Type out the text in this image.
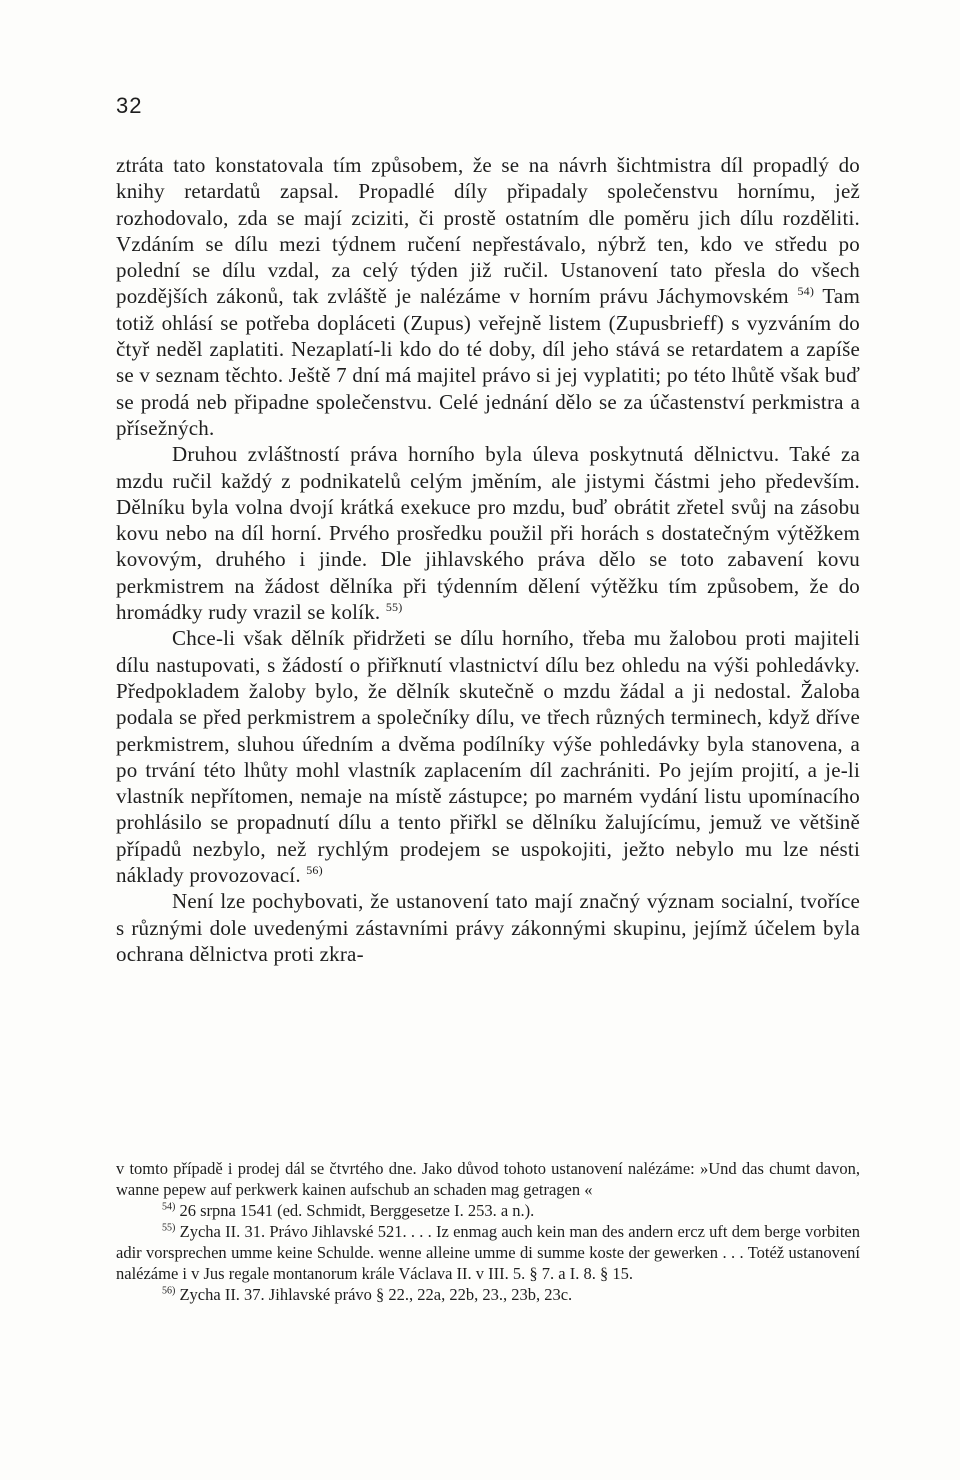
32

ztráta tato konstatovala tím způsobem, že se na návrh šichtmistra díl propadlý do knihy retardatů zapsal. Propadlé díly připadaly společenstvu hornímu, jež rozhodovalo, zda se mají zciziti, či prostě ostatním dle poměru jich dílu rozděliti. Vzdáním se dílu mezi týdnem ručení nepřestávalo, nýbrž ten, kdo ve středu po polední se dílu vzdal, za celý týden již ručil. Ustanovení tato přesla do všech pozdějších zákonů, tak zvláště je nalézáme v horním právu Jáchymovském $^{54)}$ Tam totiž ohlásí se potřeba dopláceti (Zupus) veřejně listem (Zupusbrieff) s vyzváním do čtyř neděl zaplatiti. Nezaplatí-li kdo do té doby, díl jeho stává se retardatem a zapíše se v seznam těchto. Ještě 7 dní má majitel právo si jej vyplatiti; po této lhůtě však buď se prodá neb připadne společenstvu. Celé jednání dělo se za účastenství perkmistra a přísežných.

Druhou zvláštností práva horního byla úleva poskytnutá dělnictvu. Také za mzdu ručil každý z podnikatelů celým jměním, ale jistymi částmi jeho především. Dělníku byla volna dvojí krátká exekuce pro mzdu, buď obrátit zřetel svůj na zásobu kovu nebo na díl horní. Prvého prosředku použil při horách s dostatečným výtěžkem kovovým, druhého i jinde. Dle jihlavského práva dělo se toto zabavení kovu perkmistrem na žádost dělníka při týdenním dělení výtěžku tím způsobem, že do hromádky rudy vrazil se kolík. $^{55)}$

Chce-li však dělník přidržeti se dílu horního, třeba mu žalobou proti majiteli dílu nastupovati, s žádostí o přiřknutí vlastnictví dílu bez ohledu na výši pohledávky. Předpokladem žaloby bylo, že dělník skutečně o mzdu žádal a ji nedostal. Žaloba podala se před perkmistrem a společníky dílu, ve třech různých terminech, když dříve perkmistrem, sluhou úředním a dvěma podílníky výše pohledávky byla stanovena, a po trvání této lhůty mohl vlastník zaplacením díl zachrániti. Po jejím projití, a je-li vlastník nepřítomen, nemaje na místě zástupce; po marném vydání listu upomínacího prohlásilo se propadnutí dílu a tento přiřkl se dělníku žalujícímu, jemuž ve většině případů nezbylo, než rychlým prodejem se uspokojiti, ježto nebylo mu lze nésti náklady provozovací. $^{56)}$

Není lze pochybovati, že ustanovení tato mají značný význam socialní, tvoříce s různými dole uvedenými zástavními právy zákonnými skupinu, jejímž účelem byla ochrana dělnictva proti zkra-

v tomto případě i prodej dál se čtvrtého dne. Jako důvod tohoto ustanovení nalézáme: »Und das chumt davon, wanne pepew auf perkwerk kainen aufschub an schaden mag getragen «

$^{54)}$ 26 srpna 1541 (ed. Schmidt, Berggesetze I. 253. a n.).

$^{55)}$ Zycha II. 31. Právo Jihlavské 521. . . . Iz enmag auch kein man des andern ercz uft dem berge vorbiten adir vorsprechen umme keine Schulde. wenne alleine umme di summe koste der gewerken . . . Totéž ustanovení nalézáme i v Jus regale montanorum krále Václava II. v III. 5. § 7. a I. 8. § 15.

$^{56)}$ Zycha II. 37. Jihlavské právo § 22., 22a, 22b, 23., 23b, 23c.
